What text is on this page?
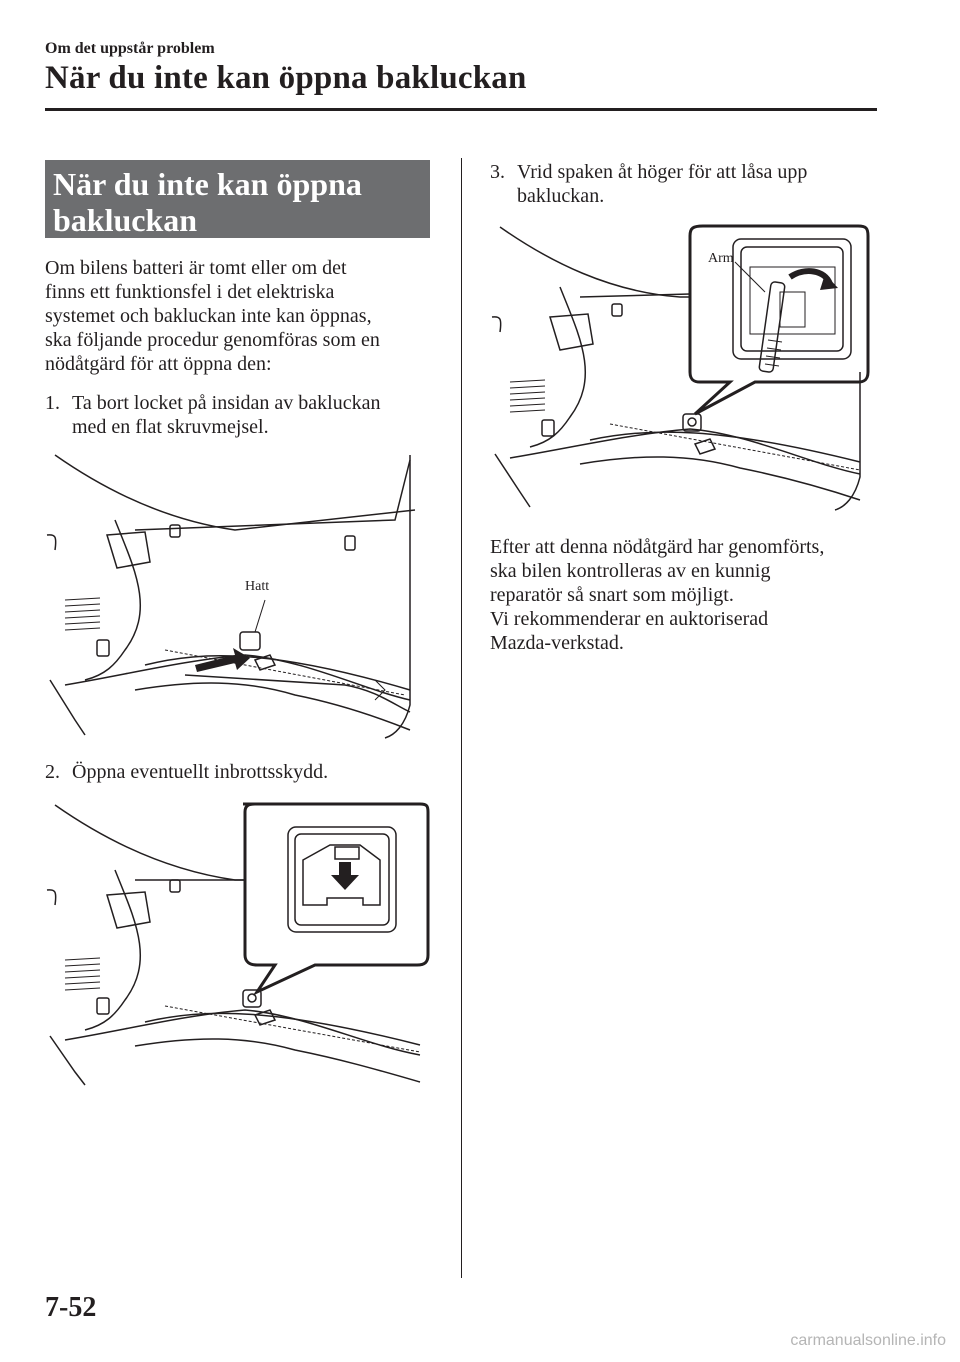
Om det uppstår problem
När du inte kan öppna bakluckan
När du inte kan öppna
bakluckan
Om bilens batteri är tomt eller om det
finns ett funktionsfel i det elektriska
systemet och bakluckan inte kan öppnas,
ska följande procedur genomföras som en
nödåtgärd för att öppna den:
1. Ta bort locket på insidan av bakluckan
med en flat skruvmejsel.
Hatt
2. Öppna eventuellt inbrottsskydd.
3. Vrid spaken åt höger för att låsa upp
bakluckan.
Arm
Efter att denna nödåtgärd har genomförts,
ska bilen kontrolleras av en kunnig
reparatör så snart som möjligt.
Vi rekommenderar en auktoriserad
Mazda-verkstad.
7-52
carmanualsonline.info
